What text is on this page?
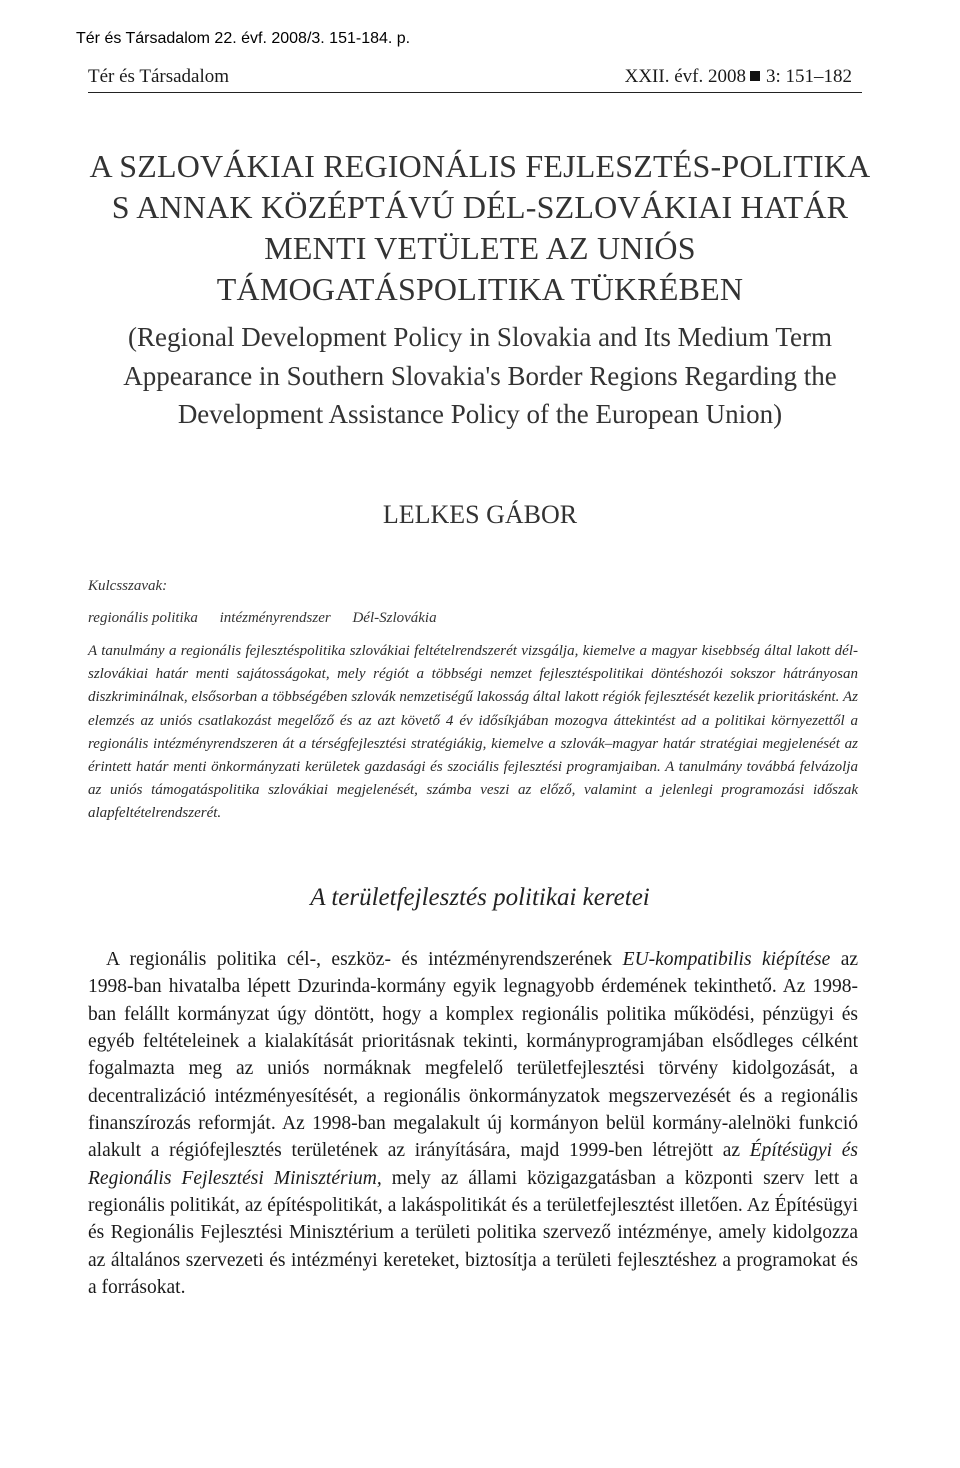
Tér és Társadalom 22. évf. 2008/3. 151-184. p.
Tér és Társadalom	XXII. évf. 2008 3: 151–182
A SZLOVÁKIAI REGIONÁLIS FEJLESZTÉS-POLITIKA S ANNAK KÖZÉPTÁVÚ DÉL-SZLOVÁKIAI HATÁR MENTI VETÜLETE AZ UNIÓS TÁMOGATÁSPOLITIKA TÜKRÉBEN
(Regional Development Policy in Slovakia and Its Medium Term Appearance in Southern Slovakia's Border Regions Regarding the Development Assistance Policy of the European Union)
LELKES GÁBOR
Kulcsszavak:
regionális politika intézményrendszer Dél-Szlovákia

A tanulmány a regionális fejlesztéspolitika szlovákiai feltételrendszerét vizsgálja, kiemelve a magyar kisebbség által lakott dél-szlovákiai határ menti sajátosságokat, mely régiót a többségi nemzet fejlesztéspolitikai döntéshozói sokszor hátrányosan diszkriminálnak, elsősorban a többségében szlovák nemzetiségű lakosság által lakott régiók fejlesztését kezelik prioritásként. Az elemzés az uniós csatlakozást megelőző és az azt követő 4 év idősíkjában mozogva áttekintést ad a politikai környezettől a regionális intézményrendszeren át a térségfejlesztési stratégiákig, kiemelve a szlovák–magyar határ stratégiai megjelenését az érintett határ menti önkormányzati kerületek gazdasági és szociális fejlesztési programjaiban. A tanulmány továbbá felvázolja az uniós támogatáspolitika szlovákiai megjelenését, számba veszi az előző, valamint a jelenlegi programozási időszak alapfeltételrendszerét.

A területfejlesztés politikai keretei

A regionális politika cél-, eszköz- és intézményrendszerének EU-kompatibilis kiépítése az 1998-ban hivatalba lépett Dzurinda-kormány egyik legnagyobb érdemének tekinthető. Az 1998-ban felállt kormányzat úgy döntött, hogy a komplex regionális politika működési, pénzügyi és egyéb feltételeinek a kialakítását prioritásnak tekinti, kormányprogramjában elsődleges célként fogalmazta meg az uniós normáknak megfelelő területfejlesztési törvény kidolgozását, a decentralizáció intézményesítését, a regionális önkormányzatok megszervezését és a regionális finanszírozás reformját. Az 1998-ban megalakult új kormányon belül kormány-alelnöki funkció alakult a régiófejlesztés területének az irányítására, majd 1999-ben létrejött az Építésügyi és Regionális Fejlesztési Minisztérium, mely az állami közigazgatásban a központi szerv lett a regionális politikát, az építéspolitikát, a lakáspolitikát és a területfejlesztést illetően. Az Építésügyi és Regionális Fejlesztési Minisztérium a területi politika szervező intézménye, amely kidolgozza az általános szervezeti és intézményi kereteket, biztosítja a területi fejlesztéshez a programokat és a forrásokat.
